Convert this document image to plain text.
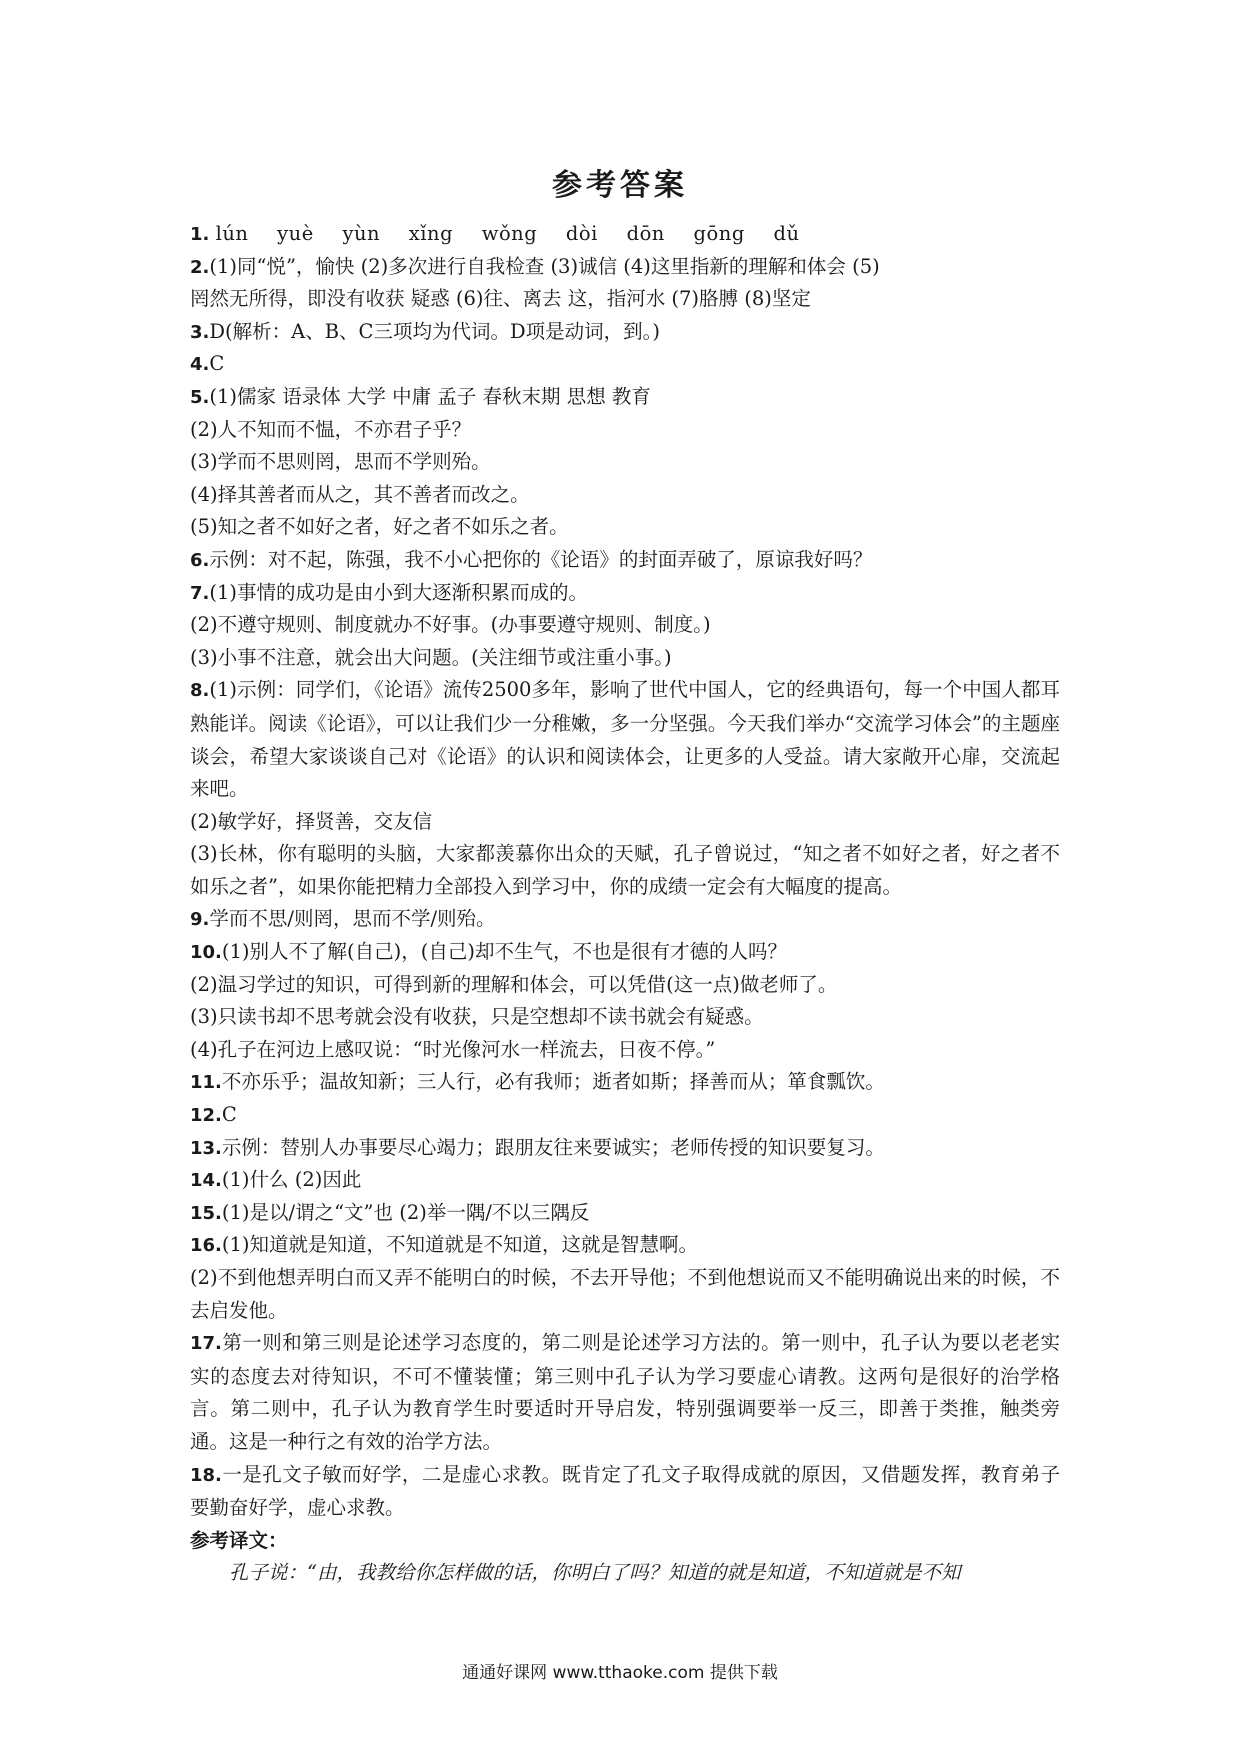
参考答案
1. lún yuè yùn xǐng wǒng dòi dōn gōng dǔ
2.(1)同“悦”，愉快 (2)多次进行自我检查 (3)诚信 (4)这里指新的理解和体会 (5)
罔然无所得，即没有收获 疑惑 (6)往、离去 这，指河水 (7)胳膊 (8)坚定
3.D(解析：A、B、C三项均为代词。D项是动词，到。)
4.C
5.(1)儒家 语录体 大学 中庸 孟子 春秋末期 思想 教育
(2)人不知而不愠，不亦君子乎？
(3)学而不思则罔，思而不学则殆。
(4)择其善者而从之，其不善者而改之。
(5)知之者不如好之者，好之者不如乐之者。
6.示例：对不起，陈强，我不小心把你的《论语》的封面弄破了，原谅我好吗？
7.(1)事情的成功是由小到大逐渐积累而成的。
(2)不遵守规则、制度就办不好事。(办事要遵守规则、制度。)
(3)小事不注意，就会出大问题。(关注细节或注重小事。)
8.(1)示例：同学们，《论语》流传2500多年，影响了世代中国人，它的经典语句，每一个中国人都耳熟能详。阅读《论语》，可以让我们少一分稚嫩，多一分坚强。今天我们举办“交流学习体会”的主题座谈会，希望大家谈谈自己对《论语》的认识和阅读体会，让更多的人受益。请大家敞开心扉，交流起来吧。
(2)敏学好，择贤善，交友信
(3)长林，你有聪明的头脑，大家都羡慕你出众的天赋，孔子曾说过，“知之者不如好之者，好之者不如乐之者”，如果你能把精力全部投入到学习中，你的成绩一定会有大幅度的提高。
9.学而不思/则罔，思而不学/则殆。
10.(1)别人不了解(自己)，(自己)却不生气，不也是很有才德的人吗？
(2)温习学过的知识，可得到新的理解和体会，可以凭借(这一点)做老师了。
(3)只读书却不思考就会没有收获，只是空想却不读书就会有疑惑。
(4)孔子在河边上感叹说：“时光像河水一样流去，日夜不停。”
11.不亦乐乎；温故知新；三人行，必有我师；逝者如斯；择善而从；箪食瓢饮。
12.C
13.示例：替别人办事要尽心竭力；跟朋友往来要诚实；老师传授的知识要复习。
14.(1)什么 (2)因此
15.(1)是以/谓之“文”也 (2)举一隅/不以三隅反
16.(1)知道就是知道，不知道就是不知道，这就是智慧啊。
(2)不到他想弄明白而又弄不能明白的时候，不去开导他；不到他想说而又不能明确说出来的时候，不去启发他。
17.第一则和第三则是论述学习态度的，第二则是论述学习方法的。第一则中，孔子认为要以老老实实的态度去对待知识，不可不懂装懂；第三则中孔子认为学习要虚心请教。这两句是很好的治学格言。第二则中，孔子认为教育学生时要适时开导启发，特别强调要举一反三，即善于类推，触类旁通。这是一种行之有效的治学方法。
18.一是孔文子敏而好学，二是虚心求教。既肯定了孔文子取得成就的原因，又借题发挥，教育弟子要勤奋好学，虚心求教。
参考译文：
孔子说：“由，我教给你怎样做的话，你明白了吗？知道的就是知道，不知道就是不知
通通好课网 www.tthaoke.com 提供下载
